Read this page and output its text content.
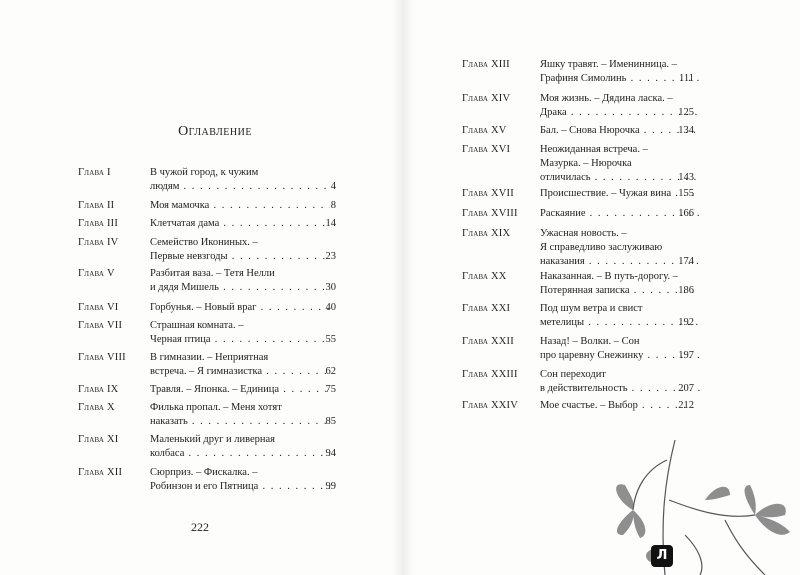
Оглавление
Глава I	В чужой город, к чужим
людям . . .	4
Глава II	Моя мамочка . . .	8
Глава III	Клетчатая дама . . .	14
Глава IV	Семейство Икониных. –
Первые невзгоды . . .	23
Глава V	Разбитая ваза. – Тетя Нелли
и дядя Мишель . . .	30
Глава VI	Горбунья. – Новый враг . . .	40
Глава VII	Страшная комната. –
Черная птица . . .	55
Глава VIII	В гимназии. – Неприятная
встреча. – Я гимназистка . . .	62
Глава IX	Травля. – Японка. – Единица . . .	75
Глава X	Филька пропал. – Меня хотят
наказать . . .	85
Глава XI	Маленький друг и ливерная
колбаса . . .	94
Глава XII	Сюрприз. – Фискалка. –
Робинзон и его Пятница . . .	99
Глава XIII	Яшку травят. – Именинница. –
Графиня Симолинь . . .	111
Глава XIV	Моя жизнь. – Дядина ласка. –
Драка . . .	125
Глава XV	Бал. – Снова Нюрочка . . .	134
Глава XVI	Неожиданная встреча. –
Мазурка. – Нюрочка
отличилась . . .	143
Глава XVII	Происшествие. – Чужая вина . . . 155
Глава XVIII	Раскаяние . . .	166
Глава XIX	Ужасная новость. –
Я справедливо заслуживаю
наказания . . .	174
Глава XX	Наказанная. – В путь-дорогу. –
Потерянная записка . . .	186
Глава XXI	Под шум ветра и свист
метелицы . . .	192
Глава XXII	Назад! – Волки. – Сон
про царевну Снежинку . . .	197
Глава XXIII	Сон переходит
в действительность . . .	207
Глава XXIV	Мое счастье. – Выбор . . .	212
222
Л
